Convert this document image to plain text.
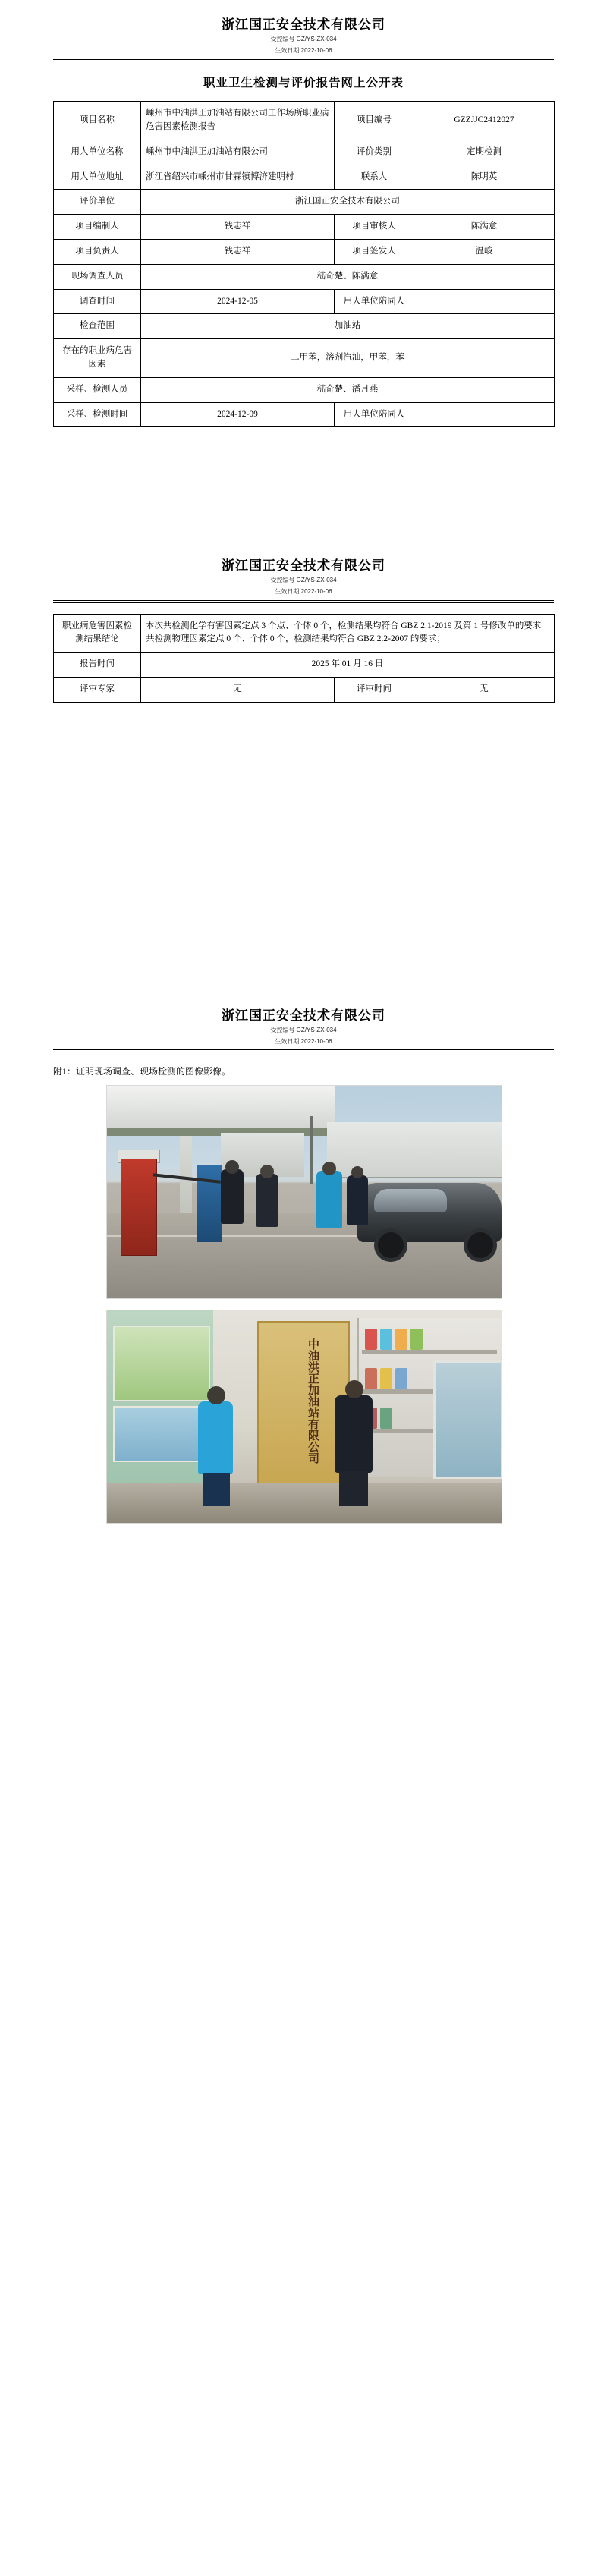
浙江国正安全技术有限公司
受控编号 GZ/YS-ZX-034
生效日期 2022-10-06
职业卫生检测与评价报告网上公开表
项目名称	嵊州市中油洪正加油站有限公司工作场所职业病危害因素检测报告	项目编号	GZZJJC2412027
用人单位名称	嵊州市中油洪正加油站有限公司	评价类别	定期检测
用人单位地址	浙江省绍兴市嵊州市甘霖镇博济建明村	联系人	陈明英
评价单位	浙江国正安全技术有限公司		
项目编制人	钱志祥	项目审核人	陈满意
项目负责人	钱志祥	项目签发人	温峻
现场调查人员	嵇奇楚、陈满意		
调查时间	2024-12-05	用人单位陪同人	
检查范围	加油站		
存在的职业病危害因素	二甲苯，溶剂汽油，甲苯，苯		
采样、检测人员	嵇奇楚、潘月燕		
采样、检测时间	2024-12-09	用人单位陪同人	
浙江国正安全技术有限公司
受控编号 GZ/YS-ZX-034
生效日期 2022-10-06
职业病危害因素检测结果结论	本次共检测化学有害因素定点 3 个点、个体 0 个，检测结果均符合 GBZ 2.1-2019 及第 1 号修改单的要求 共检测物理因素定点 0 个、个体 0 个，检测结果均符合 GBZ 2.2-2007 的要求；		
报告时间	2025 年 01 月 16 日		
评审专家	无	评审时间	无
浙江国正安全技术有限公司
受控编号 GZ/YS-ZX-034
生效日期 2022-10-06
附1：证明现场调查、现场检测的图像影像。
中油洪正加油站有限公司
